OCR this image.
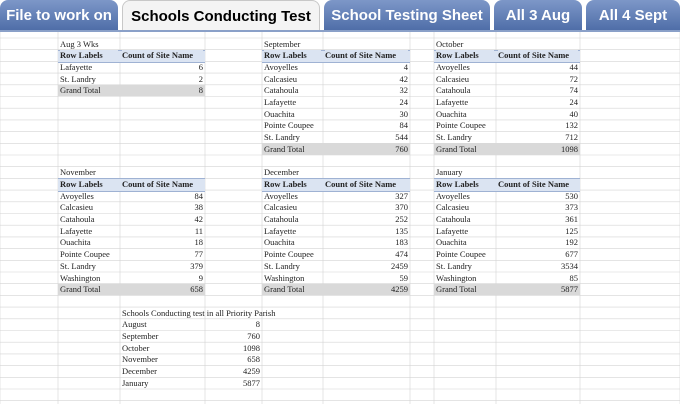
File to work on	Schools Conducting Test	School Testing Sheet	All 3 Aug	All 4 Sept
Aug 3 Wks
Row Labels	Count of Site Name
Lafayette	6
St. Landry	2
Grand Total	8
September
Row Labels	Count of Site Name
Avoyelles	4
Calcasieu	42
Catahoula	32
Lafayette	24
Ouachita	30
Pointe Coupee	84
St. Landry	544
Grand Total	760
October
Row Labels	Count of Site Name
Avoyelles	44
Calcasieu	72
Catahoula	74
Lafayette	24
Ouachita	40
Pointe Coupee	132
St. Landry	712
Grand Total	1098
November
Row Labels	Count of Site Name
Avoyelles	84
Calcasieu	38
Catahoula	42
Lafayette	11
Ouachita	18
Pointe Coupee	77
St. Landry	379
Washington	9
Grand Total	658
December
Row Labels	Count of Site Name
Avoyelles	327
Calcasieu	370
Catahoula	252
Lafayette	135
Ouachita	183
Pointe Coupee	474
St. Landry	2459
Washington	59
Grand Total	4259
January
Row Labels	Count of Site Name
Avoyelles	530
Calcasieu	373
Catahoula	361
Lafayette	125
Ouachita	192
Pointe Coupee	677
St. Landry	3534
Washington	85
Grand Total	5877
Schools Conducting test in all Priority Parish
August	8
September	760
October	1098
November	658
December	4259
January	5877
